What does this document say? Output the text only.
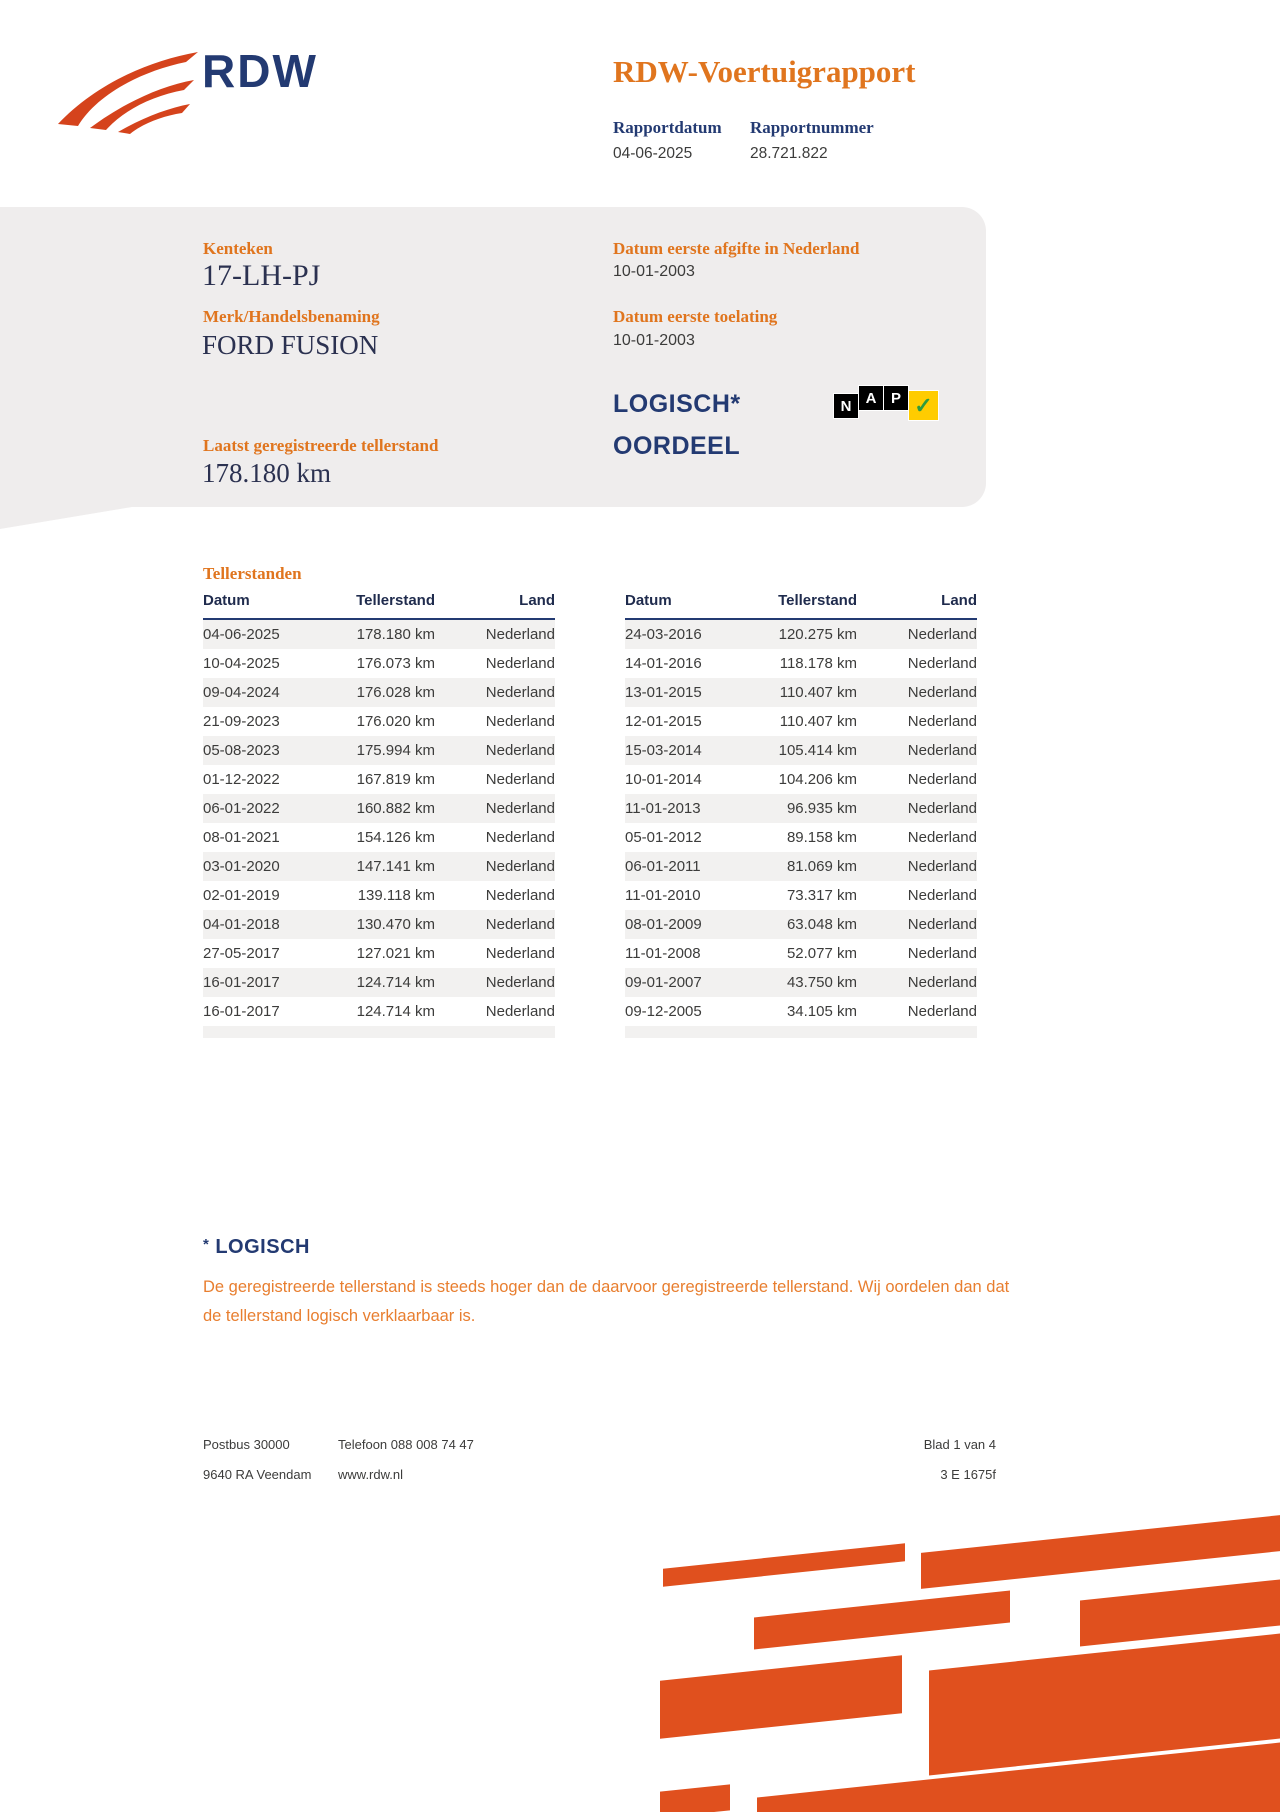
RDW	RDW-Voertuigrapport
Rapportdatum
04-06-2025
Rapportnummer
28.721.822
Kenteken
17-LH-PJ
Merk/Handelsbenaming
FORD FUSION
Laatst geregistreerde tellerstand
178.180 km
Datum eerste afgifte in Nederland
10-01-2003
Datum eerste toelating
10-01-2003
LOGISCH*
OORDEEL
N A P ✓
Tellerstanden
Datum	Tellerstand	Land
04-06-2025	178.180 km	Nederland
10-04-2025	176.073 km	Nederland
09-04-2024	176.028 km	Nederland
21-09-2023	176.020 km	Nederland
05-08-2023	175.994 km	Nederland
01-12-2022	167.819 km	Nederland
06-01-2022	160.882 km	Nederland
08-01-2021	154.126 km	Nederland
03-01-2020	147.141 km	Nederland
02-01-2019	139.118 km	Nederland
04-01-2018	130.470 km	Nederland
27-05-2017	127.021 km	Nederland
16-01-2017	124.714 km	Nederland
16-01-2017	124.714 km	Nederland
Datum	Tellerstand	Land
24-03-2016	120.275 km	Nederland
14-01-2016	118.178 km	Nederland
13-01-2015	110.407 km	Nederland
12-01-2015	110.407 km	Nederland
15-03-2014	105.414 km	Nederland
10-01-2014	104.206 km	Nederland
11-01-2013	96.935 km	Nederland
05-01-2012	89.158 km	Nederland
06-01-2011	81.069 km	Nederland
11-01-2010	73.317 km	Nederland
08-01-2009	63.048 km	Nederland
11-01-2008	52.077 km	Nederland
09-01-2007	43.750 km	Nederland
09-12-2005	34.105 km	Nederland
* LOGISCH
De geregistreerde tellerstand is steeds hoger dan de daarvoor geregistreerde tellerstand. Wij oordelen dan dat de tellerstand logisch verklaarbaar is.
Postbus 30000
9640 RA Veendam
Telefoon 088 008 74 47
www.rdw.nl
Blad 1 van 4
3 E 1675f
